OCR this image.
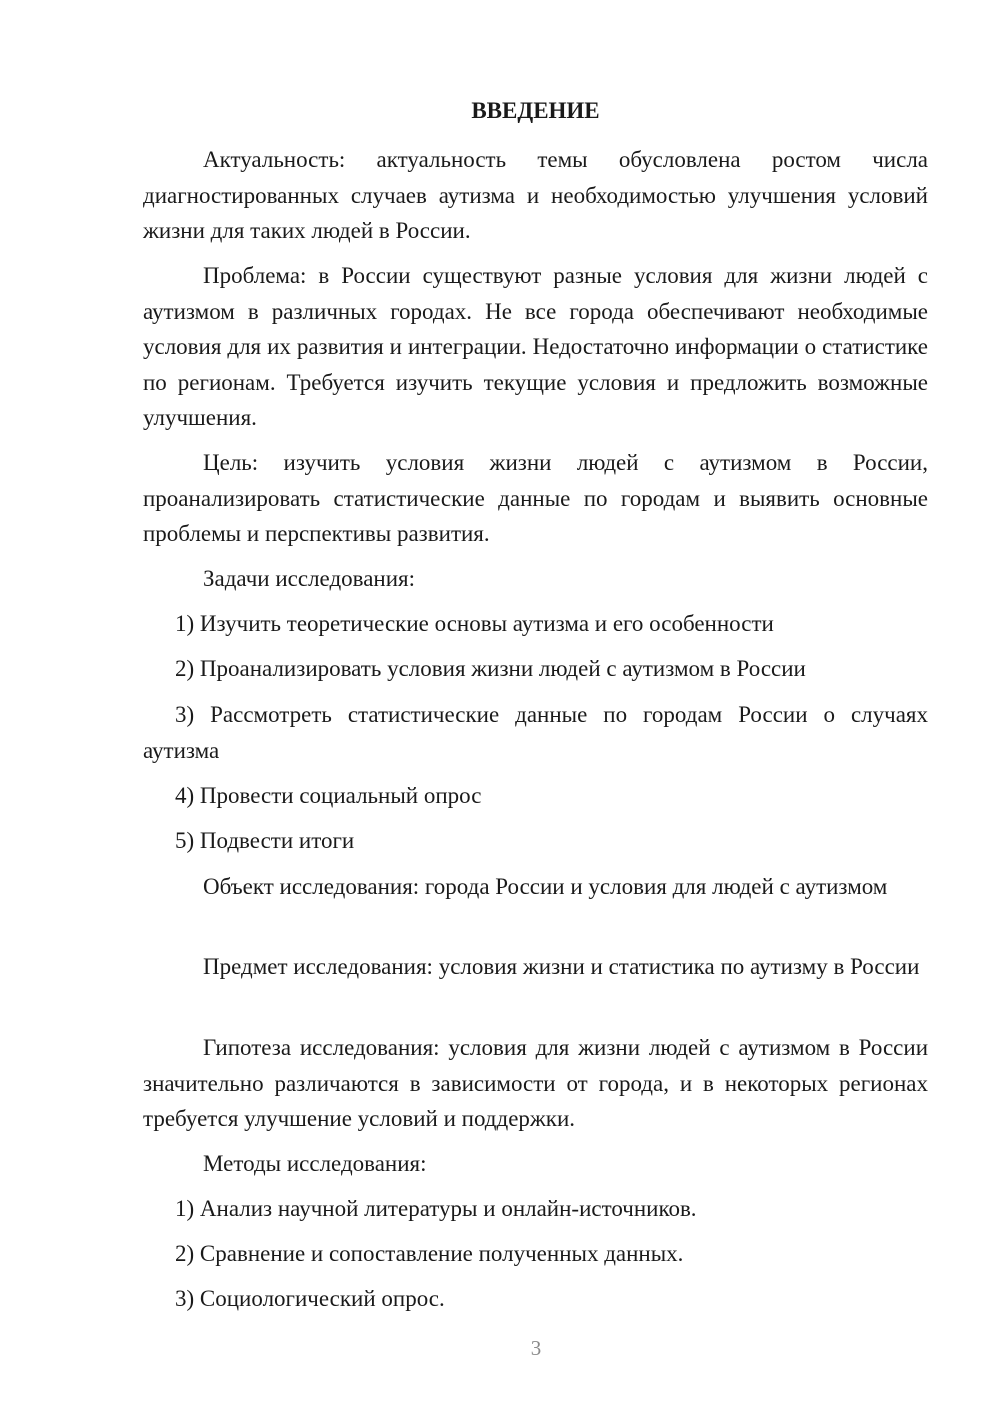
ВВЕДЕНИЕ

Актуальность: актуальность темы обусловлена ростом числа диагностированных случаев аутизма и необходимостью улучшения условий жизни для таких людей в России.

Проблема: в России существуют разные условия для жизни людей с аутизмом в различных городах. Не все города обеспечивают необходимые условия для их развития и интеграции. Недостаточно информации о статистике по регионам. Требуется изучить текущие условия и предложить возможные улучшения.

Цель: изучить условия жизни людей с аутизмом в России, проанализировать статистические данные по городам и выявить основные проблемы и перспективы развития.

Задачи исследования:

1) Изучить теоретические основы аутизма и его особенности

2) Проанализировать условия жизни людей с аутизмом в России

3) Рассмотреть статистические данные по городам России о случаях аутизма

4) Провести социальный опрос

5) Подвести итоги

Объект исследования: города России и условия для людей с аутизмом

Предмет исследования: условия жизни и статистика по аутизму в России

Гипотеза исследования: условия для жизни людей с аутизмом в России значительно различаются в зависимости от города, и в некоторых регионах требуется улучшение условий и поддержки.

Методы исследования:

1) Анализ научной литературы и онлайн-источников.

2) Сравнение и сопоставление полученных данных.

3) Социологический опрос.

3
